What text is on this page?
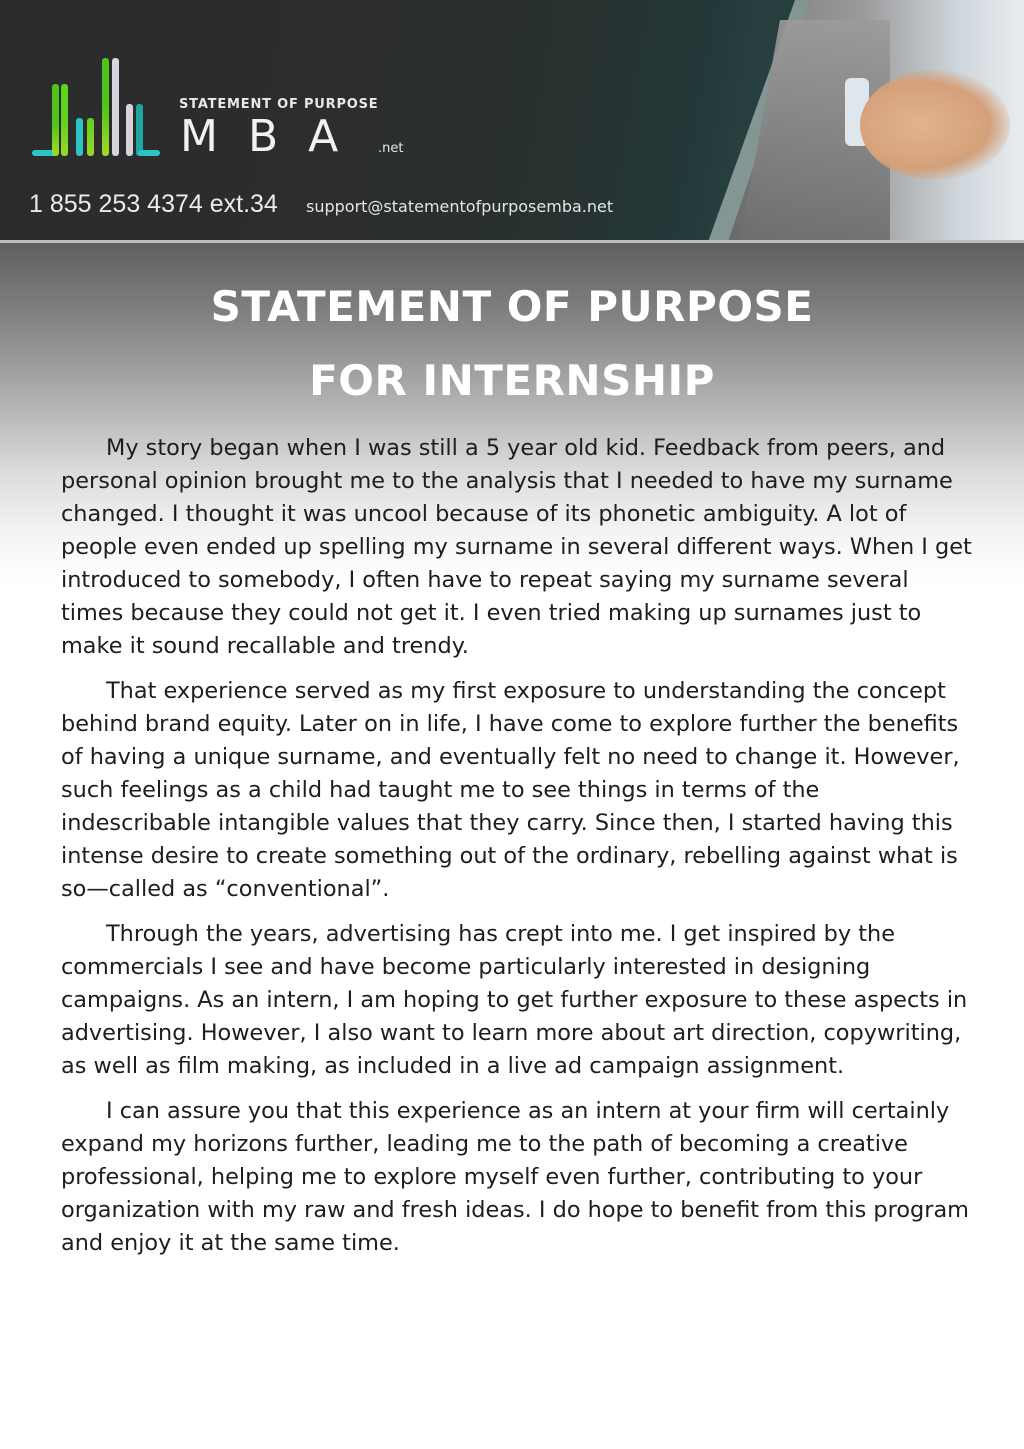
STATEMENT OF PURPOSE
MBA .net
1 855 253 4374 ext.34 support@statementofpurposemba.net
STATEMENT OF PURPOSE
FOR INTERNSHIP

My story began when I was still a 5 year old kid. Feedback from peers, and personal opinion brought me to the analysis that I needed to have my surname changed. I thought it was uncool because of its phonetic ambiguity. A lot of people even ended up spelling my surname in several different ways. When I get introduced to somebody, I often have to repeat saying my surname several times because they could not get it. I even tried making up surnames just to make it sound recallable and trendy.

That experience served as my first exposure to understanding the concept behind brand equity. Later on in life, I have come to explore further the benefits of having a unique surname, and eventually felt no need to change it. However, such feelings as a child had taught me to see things in terms of the indescribable intangible values that they carry. Since then, I started having this intense desire to create something out of the ordinary, rebelling against what is so—called as “conventional”.

Through the years, advertising has crept into me. I get inspired by the commercials I see and have become particularly interested in designing campaigns. As an intern, I am hoping to get further exposure to these aspects in advertising. However, I also want to learn more about art direction, copywriting, as well as film making, as included in a live ad campaign assignment.

I can assure you that this experience as an intern at your firm will certainly expand my horizons further, leading me to the path of becoming a creative professional, helping me to explore myself even further, contributing to your organization with my raw and fresh ideas. I do hope to benefit from this program and enjoy it at the same time.
